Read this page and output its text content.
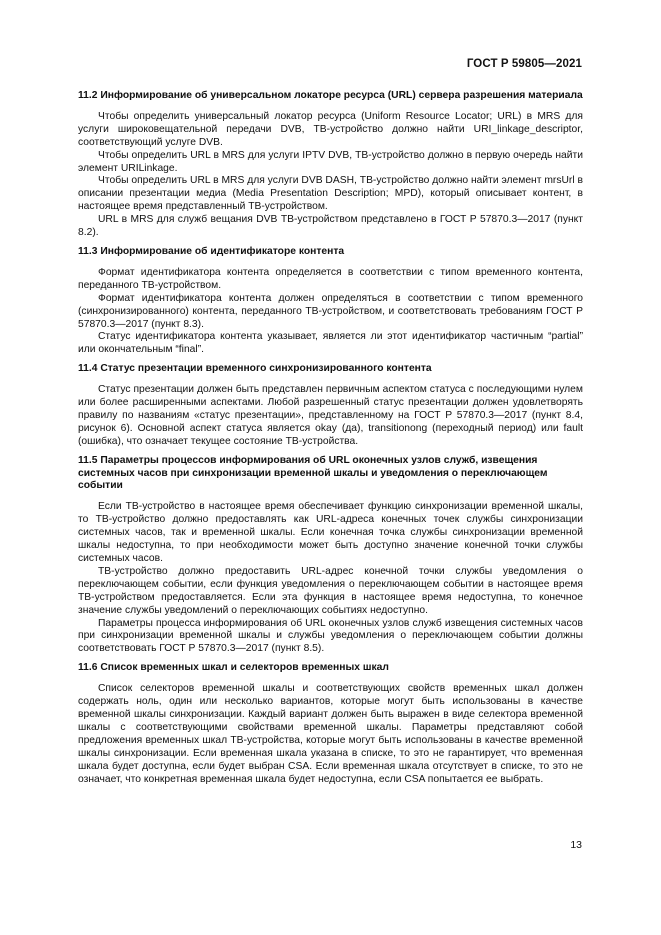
ГОСТ Р 59805—2021
11.2 Информирование об универсальном локаторе ресурса (URL) сервера разрешения материала

Чтобы определить универсальный локатор ресурса (Uniform Resource Locator; URL) в MRS для услуги широковещательной передачи DVB, ТВ-устройство должно найти URI_linkage_descriptor, соответствующий услуге DVB.

Чтобы определить URL в MRS для услуги IPTV DVB, ТВ-устройство должно в первую очередь найти элемент URILinkage.

Чтобы определить URL в MRS для услуги DVB DASH, ТВ-устройство должно найти элемент mrsUrl в описании презентации медиа (Media Presentation Description; MPD), который описывает контент, в настоящее время представленный ТВ-устройством.

URL в MRS для служб вещания DVB ТВ-устройством представлено в ГОСТ Р 57870.3—2017 (пункт 8.2).

11.3 Информирование об идентификаторе контента

Формат идентификатора контента определяется в соответствии с типом временного контента, переданного ТВ-устройством.

Формат идентификатора контента должен определяться в соответствии с типом временного (синхронизированного) контента, переданного ТВ-устройством, и соответствовать требованиям ГОСТ Р 57870.3—2017 (пункт 8.3).

Статус идентификатора контента указывает, является ли этот идентификатор частичным “partial” или окончательным “final”.

11.4 Статус презентации временного синхронизированного контента

Статус презентации должен быть представлен первичным аспектом статуса с последующими нулем или более расширенными аспектами. Любой разрешенный статус презентации должен удовлетворять правилу по названиям «статус презентации», представленному на ГОСТ Р 57870.3—2017 (пункт 8.4, рисунок 6). Основной аспект статуса является okay (да), transitionong (переходный период) или fault (ошибка), что означает текущее состояние ТВ-устройства.

11.5 Параметры процессов информирования об URL оконечных узлов служб, извещения системных часов при синхронизации временной шкалы и уведомления о переключающем событии

Если ТВ-устройство в настоящее время обеспечивает функцию синхронизации временной шкалы, то ТВ-устройство должно предоставлять как URL-адреса конечных точек службы синхронизации системных часов, так и временной шкалы. Если конечная точка службы синхронизации временной шкалы недоступна, то при необходимости может быть доступно значение конечной точки службы системных часов.

ТВ-устройство должно предоставить URL-адрес конечной точки службы уведомления о переключающем событии, если функция уведомления о переключающем событии в настоящее время ТВ-устройством предоставляется. Если эта функция в настоящее время недоступна, то конечное значение службы уведомлений о переключающих событиях недоступно.

Параметры процесса информирования об URL оконечных узлов служб извещения системных часов при синхронизации временной шкалы и службы уведомления о переключающем событии должны соответствовать ГОСТ Р 57870.3—2017 (пункт 8.5).

11.6 Список временных шкал и селекторов временных шкал

Список селекторов временной шкалы и соответствующих свойств временных шкал должен содержать ноль, один или несколько вариантов, которые могут быть использованы в качестве временной шкалы синхронизации. Каждый вариант должен быть выражен в виде селектора временной шкалы с соответствующими свойствами временной шкалы. Параметры представляют собой предложения временных шкал ТВ-устройства, которые могут быть использованы в качестве временной шкалы синхронизации. Если временная шкала указана в списке, то это не гарантирует, что временная шкала будет доступна, если будет выбран CSA. Если временная шкала отсутствует в списке, то это не означает, что конкретная временная шкала будет недоступна, если CSA попытается ее выбрать.

13
